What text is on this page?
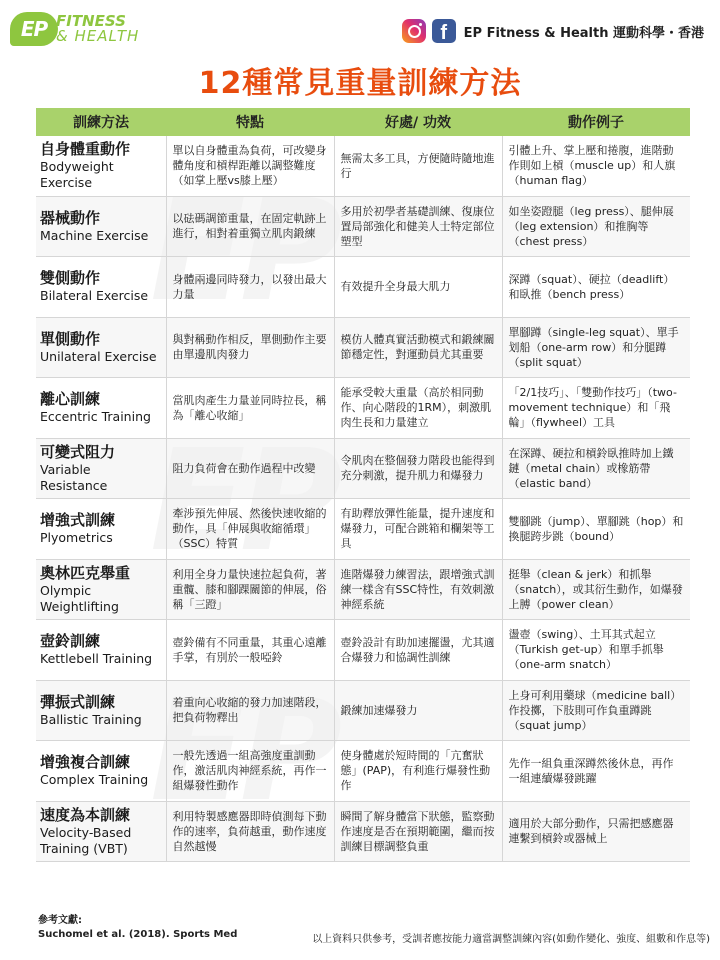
EP FITNESS
& HEALTH	f	EP Fitness & Health 運動科學・香港
12種常見重量訓練方法
訓練方法	特點	好處/ 功效	動作例子

自身體重動作
Bodyweight Exercise	單以自身體重為負荷，可改變身體角度和槓桿距離以調整難度（如掌上壓vs膝上壓）	無需太多工具，方便隨時隨地進行	引體上升、掌上壓和捲腹，進階動作則如上槓（muscle up）和人旗（human flag）

器械動作
Machine Exercise	以砝碼調節重量，在固定軌跡上進行，相對着重獨立肌肉鍛練	多用於初學者基礎訓練、復康位置局部強化和健美人士特定部位塑型	如坐姿蹬腿（leg press）、腿伸展（leg extension）和推胸等（chest press）

雙側動作
Bilateral Exercise	身體兩邊同時發力，以發出最大力量	有效提升全身最大肌力	深蹲（squat）、硬拉（deadlift）和臥推（bench press）

單側動作
Unilateral Exercise	與對稱動作相反，單側動作主要由單邊肌肉發力	模仿人體真實活動模式和鍛練關節穩定性，對運動員尤其重要	單腳蹲（single-leg squat）、單手划船（one-arm row）和分腿蹲（split squat）

離心訓練
Eccentric Training	當肌肉產生力量並同時拉長，稱為「離心收縮」	能承受較大重量（高於相同動作、向心階段的1RM），刺激肌肉生長和力量建立	「2/1技巧」、「雙動作技巧」（two-movement technique）和「飛輪」（flywheel）工具

可變式阻力
Variable Resistance	阻力負荷會在動作過程中改變	令肌肉在整個發力階段也能得到充分刺激，提升肌力和爆發力	在深蹲、硬拉和槓鈴臥推時加上鐵鏈（metal chain）或橡筋帶（elastic band）

增強式訓練
Plyometrics	牽涉預先伸展、然後快速收縮的動作，具「伸展與收縮循環」（SSC）特質	有助釋放彈性能量，提升速度和爆發力，可配合跳箱和欄架等工具	雙腳跳（jump）、單腳跳（hop）和換腿跨步跳（bound）

奧林匹克舉重
Olympic Weightlifting	利用全身力量快速拉起負荷，著重髖、膝和腳踝關節的伸展，俗稱「三蹬」	進階爆發力練習法，跟增強式訓練一樣含有SSC特性，有效刺激神經系統	挺舉（clean & jerk）和抓舉（snatch），或其衍生動作，如爆發上膊（power clean）

壺鈴訓練
Kettlebell Training	壺鈴備有不同重量，其重心遠離手掌，有別於一般啞鈴	壺鈴設計有助加速擺盪，尤其適合爆發力和協調性訓練	盪壺（swing）、土耳其式起立（Turkish get-up）和單手抓舉（one-arm snatch）

彈振式訓練
Ballistic Training	着重向心收縮的發力加速階段，把負荷物釋出	鍛練加速爆發力	上身可利用藥球（medicine ball）作投擲，下肢則可作負重蹲跳（squat jump）

增強複合訓練
Complex Training	一般先透過一組高強度重訓動作，激活肌肉神經系統，再作一組爆發性動作	使身體處於短時間的「亢奮狀態」(PAP)，有利進行爆發性動作	先作一組負重深蹲然後休息，再作一組連續爆發跳躍

速度為本訓練
Velocity-Based Training (VBT)	利用特製感應器即時偵測每下動作的速率，負荷越重，動作速度自然越慢	瞬間了解身體當下狀態，監察動作速度是否在預期範圍，繼而按訓練目標調整負重	適用於大部分動作，只需把感應器連繫到槓鈴或器械上
參考文獻:
Suchomel et al. (2018). Sports Med	以上資料只供參考，受訓者應按能力適當調整訓練內容(如動作變化、強度、組數和作息等)
